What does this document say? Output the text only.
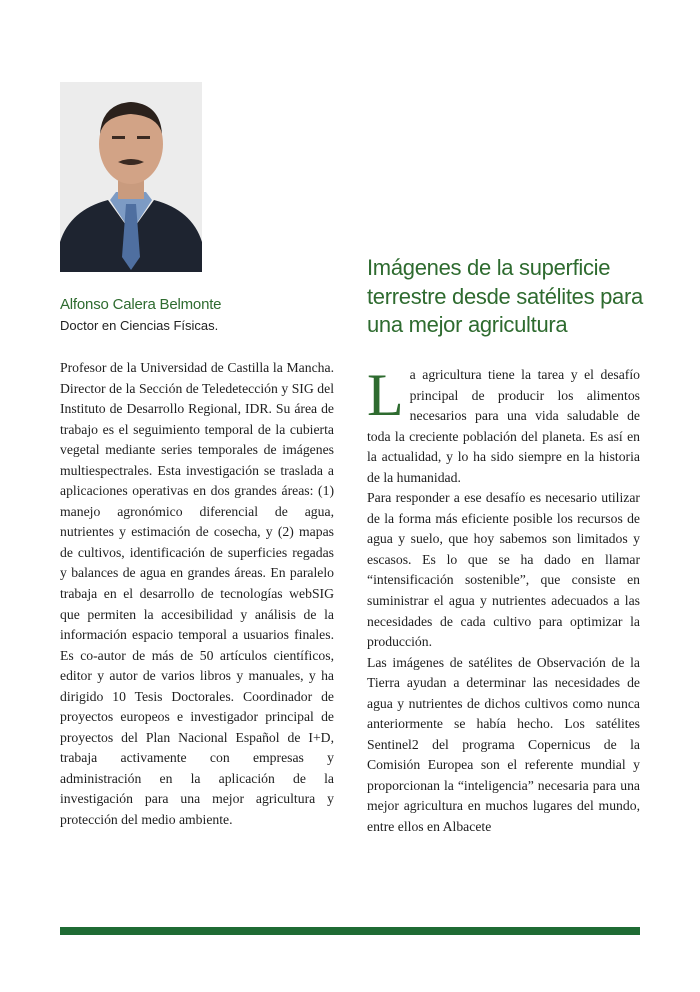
Alfonso Calera Belmonte
Doctor en Ciencias Físicas.

Profesor de la Universidad de Castilla la Mancha. Director de la Sección de Teledetección y SIG del Instituto de Desarrollo Regional, IDR. Su área de trabajo es el seguimiento temporal de la cubierta vegetal mediante series temporales de imágenes multiespectrales. Esta investigación se traslada a aplicaciones operativas en dos grandes áreas: (1) manejo agronómico diferencial de agua, nutrientes y estimación de cosecha, y (2) mapas de cultivos, identificación de superficies regadas y balances de agua en grandes áreas. En paralelo trabaja en el desarrollo de tecnologías webSIG que permiten la accesibilidad y análisis de la información espacio temporal a usuarios finales. Es co-autor de más de 50 artículos científicos, editor y autor de varios libros y manuales, y ha dirigido 10 Tesis Doctorales. Coordinador de proyectos europeos e investigador principal de proyectos del Plan Nacional Español de I+D, trabaja activamente con empresas y administración en la aplicación de la investigación para una mejor agricultura y protección del medio ambiente.

Imágenes de la superficie terrestre desde satélites para una mejor agricultura

La agricultura tiene la tarea y el desafío principal de producir los alimentos necesarios para una vida saludable de toda la creciente población del planeta. Es así en la actualidad, y lo ha sido siempre en la historia de la humanidad.

Para responder a ese desafío es necesario utilizar de la forma más eficiente posible los recursos de agua y suelo, que hoy sabemos son limitados y escasos. Es lo que se ha dado en llamar “intensificación sostenible”, que consiste en suministrar el agua y nutrientes adecuados a las necesidades de cada cultivo para optimizar la producción.

Las imágenes de satélites de Observación de la Tierra ayudan a determinar las necesidades de agua y nutrientes de dichos cultivos como nunca anteriormente se había hecho. Los satélites Sentinel2 del programa Copernicus de la Comisión Europea son el referente mundial y proporcionan la “inteligencia” necesaria para una mejor agricultura en muchos lugares del mundo, entre ellos en Albacete
